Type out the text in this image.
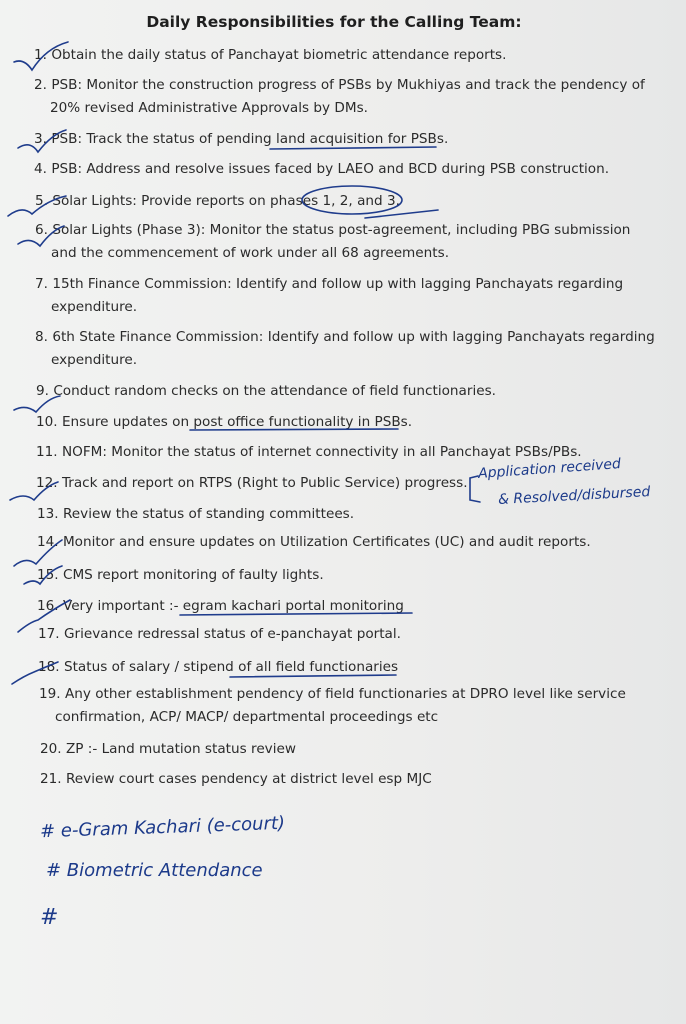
Daily Responsibilities for the Calling Team:
1. Obtain the daily status of Panchayat biometric attendance reports.
2. PSB: Monitor the construction progress of PSBs by Mukhiyas and track the pendency of
20% revised Administrative Approvals by DMs.
3. PSB: Track the status of pending land acquisition for PSBs.
4. PSB: Address and resolve issues faced by LAEO and BCD during PSB construction.
5. Solar Lights: Provide reports on phases 1, 2, and 3.
6. Solar Lights (Phase 3): Monitor the status post-agreement, including PBG submission
and the commencement of work under all 68 agreements.
7. 15th Finance Commission: Identify and follow up with lagging Panchayats regarding
expenditure.
8. 6th State Finance Commission: Identify and follow up with lagging Panchayats regarding
expenditure.
9. Conduct random checks on the attendance of field functionaries.
10. Ensure updates on post office functionality in PSBs.
11. NOFM: Monitor the status of internet connectivity in all Panchayat PSBs/PBs.
12. Track and report on RTPS (Right to Public Service) progress.
13. Review the status of standing committees.
14. Monitor and ensure updates on Utilization Certificates (UC) and audit reports.
15. CMS report monitoring of faulty lights.
16. Very important :- egram kachari portal monitoring
17. Grievance redressal status of e-panchayat portal.
18. Status of salary / stipend of all field functionaries
19. Any other establishment pendency of field functionaries at DPRO level like service
confirmation, ACP/ MACP/ departmental proceedings etc
20. ZP :- Land mutation status review
21. Review court cases pendency at district level esp MJC
Application received
& Resolved/disbursed
# e-Gram Kachari (e-court)
# Biometric Attendance
#
